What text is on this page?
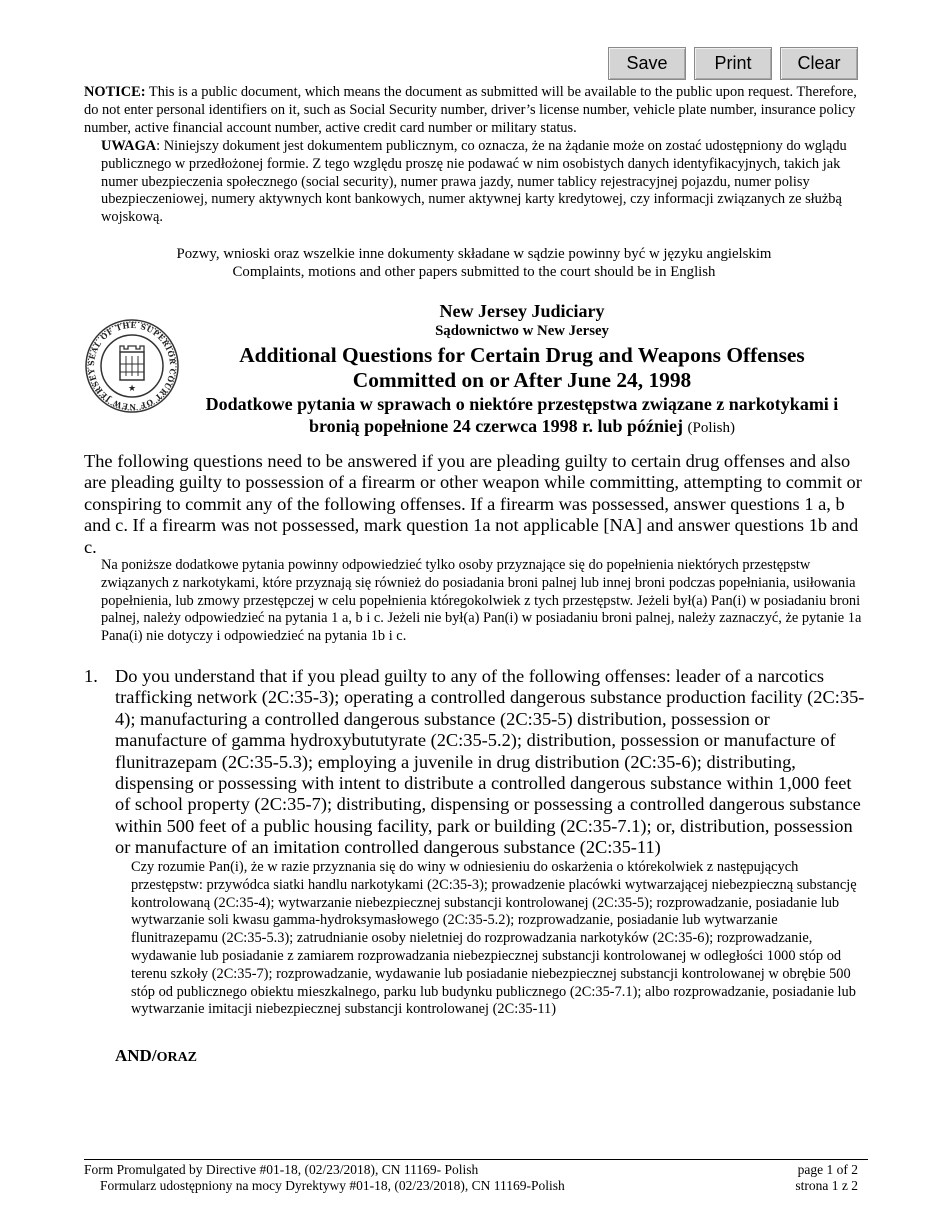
Save	Print	Clear
NOTICE: This is a public document, which means the document as submitted will be available to the public upon request. Therefore, do not enter personal identifiers on it, such as Social Security number, driver’s license number, vehicle plate number, insurance policy number, active financial account number, active credit card number or military status.
UWAGA: Niniejszy dokument jest dokumentem publicznym, co oznacza, że na żądanie może on zostać udostępniony do wglądu publicznego w przedłożonej formie. Z tego względu proszę nie podawać w nim osobistych danych identyfikacyjnych, takich jak numer ubezpieczenia społecznego (social security), numer prawa jazdy, numer tablicy rejestracyjnej pojazdu, numer polisy ubezpieczeniowej, numery aktywnych kont bankowych, numer aktywnej karty kredytowej, czy informacji związanych ze służbą wojskową.
Pozwy, wnioski oraz wszelkie inne dokumenty składane w sądzie powinny być w języku angielskim
Complaints, motions and other papers submitted to the court should be in English
SEAL OF THE SUPERIOR COURT OF NEW JERSEY
★
New Jersey Judiciary
Sądownictwo w New Jersey
Additional Questions for Certain Drug and Weapons Offenses
Committed on or After June 24, 1998
Dodatkowe pytania w sprawach o niektóre przestępstwa związane z narkotykami i bronią popełnione 24 czerwca 1998 r. lub później (Polish)
The following questions need to be answered if you are pleading guilty to certain drug offenses and also are pleading guilty to possession of a firearm or other weapon while committing, attempting to commit or conspiring to commit any of the following offenses. If a firearm was possessed, answer questions 1 a, b and c. If a firearm was not possessed, mark question 1a not applicable [NA] and answer questions 1b and c.
Na poniższe dodatkowe pytania powinny odpowiedzieć tylko osoby przyznające się do popełnienia niektórych przestępstw związanych z narkotykami, które przyznają się również do posiadania broni palnej lub innej broni podczas popełniania, usiłowania popełnienia, lub zmowy przestępczej w celu popełnienia któregokolwiek z tych przestępstw. Jeżeli był(a) Pan(i) w posiadaniu broni palnej, należy odpowiedzieć na pytania 1 a, b i c. Jeżeli nie był(a) Pan(i) w posiadaniu broni palnej, należy zaznaczyć, że pytanie 1a Pana(i) nie dotyczy i odpowiedzieć na pytania 1b i c.
1. Do you understand that if you plead guilty to any of the following offenses: leader of a narcotics trafficking network (2C:35-3); operating a controlled dangerous substance production facility (2C:35-4); manufacturing a controlled dangerous substance (2C:35-5) distribution, possession or manufacture of gamma hydroxybututyrate (2C:35-5.2); distribution, possession or manufacture of flunitrazepam (2C:35-5.3); employing a juvenile in drug distribution (2C:35-6); distributing, dispensing or possessing with intent to distribute a controlled dangerous substance within 1,000 feet of school property (2C:35-7); distributing, dispensing or possessing a controlled dangerous substance within 500 feet of a public housing facility, park or building (2C:35-7.1); or, distribution, possession or manufacture of an imitation controlled dangerous substance (2C:35-11)
Czy rozumie Pan(i), że w razie przyznania się do winy w odniesieniu do oskarżenia o którekolwiek z następujących przestępstw: przywódca siatki handlu narkotykami (2C:35-3); prowadzenie placówki wytwarzającej niebezpieczną substancję kontrolowaną (2C:35-4); wytwarzanie niebezpiecznej substancji kontrolowanej (2C:35-5); rozprowadzanie, posiadanie lub wytwarzanie soli kwasu gamma-hydroksymasłowego (2C:35-5.2); rozprowadzanie, posiadanie lub wytwarzanie flunitrazepamu (2C:35-5.3); zatrudnianie osoby nieletniej do rozprowadzania narkotyków (2C:35-6); rozprowadzanie, wydawanie lub posiadanie z zamiarem rozprowadzania niebezpiecznej substancji kontrolowanej w odległości 1000 stóp od terenu szkoły (2C:35-7); rozprowadzanie, wydawanie lub posiadanie niebezpiecznej substancji kontrolowanej w obrębie 500 stóp od publicznego obiektu mieszkalnego, parku lub budynku publicznego (2C:35-7.1); albo rozprowadzanie, posiadanie lub wytwarzanie imitacji niebezpiecznej substancji kontrolowanej (2C:35-11)
AND/ORAZ
Form Promulgated by Directive #01-18, (02/23/2018), CN 11169- Polish
Formularz udostępniony na mocy Dyrektywy #01-18, (02/23/2018), CN 11169-Polish
page 1 of 2
strona 1 z 2
